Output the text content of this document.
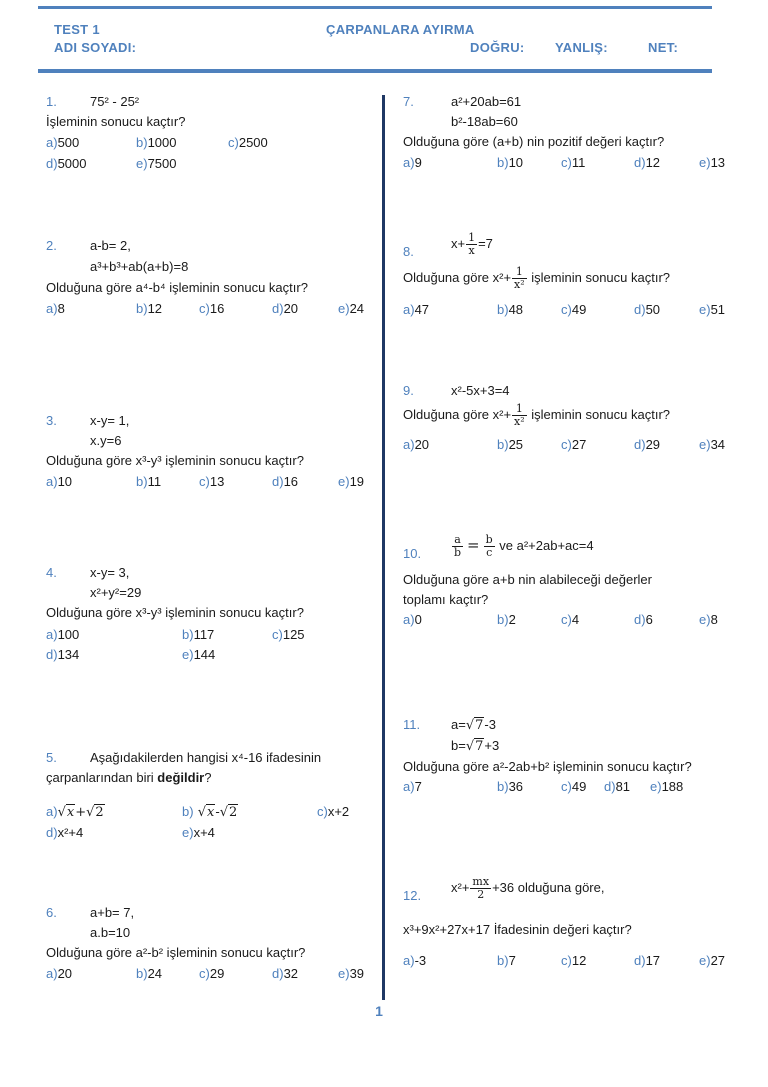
TEST 1	ÇARPANLARA AYIRMA
ADI SOYADI:	DOĞRU: YANLIŞ:	NET:
1.	75² - 25²
İşleminin sonucu kaçtır?
a)500	b)1000	c)2500
d)5000	e)7500
2.	a-b= 2,
a³+b³+ab(a+b)=8
Olduğuna göre a⁴-b⁴ işleminin sonucu kaçtır?
a)8	b)12	c)16	d)20	e)24
3.	x-y= 1,
x.y=6
Olduğuna göre x³-y³ işleminin sonucu kaçtır?
a)10	b)11	c)13	d)16	e)19
4.	x-y= 3,
x²+y²=29
Olduğuna göre x³-y³ işleminin sonucu kaçtır?
a)100	b)117	c)125
d)134	e)144
5.	Aşağıdakilerden hangisi x⁴-16 ifadesinin
çarpanlarından biri değildir?
a)√x+√2	b) √x-√2	c)x+2
d)x²+4	e)x+4
6.	a+b= 7,
a.b=10
Olduğuna göre a²-b² işleminin sonucu kaçtır?
a)20	b)24	c)29	d)32	e)39
7.	a²+20ab=61
b²-18ab=60
Olduğuna göre (a+b) nin pozitif değeri kaçtır?
a)9	b)10	c)11	d)12	e)13
8.
$x+ \frac{1}{x} =7$
Olduğuna göre $x^2+ \frac{1}{\text{x²}}$ işleminin sonucu kaçtır?
a)47	b)48	c)49	d)50	e)51
9.	x²-5x+3=4
Olduğuna göre $x^2+ \frac{1}{\text{x²}}$ işleminin sonucu kaçtır?
a)20	b)25	c)27	d)29	e)34
10.	$\frac{a}{b} = \frac{b}{c}$ ve a²+2ab+ac=4
Olduğuna göre a+b nin alabileceği değerler
toplamı kaçtır?
a)0	b)2	c)4	d)6	e)8
11. a=√7-3
b=√7+3
Olduğuna göre a²-2ab+b² işleminin sonucu kaçtır?
a)7	b)36	c)49 d)81 e)188
12.
$x^2+ \frac{mx}{2} +36$ olduğuna göre,
x³+9x²+27x+17 İfadesinin değeri kaçtır?
a)-3	b)7	c)12	d)17	e)27
1
